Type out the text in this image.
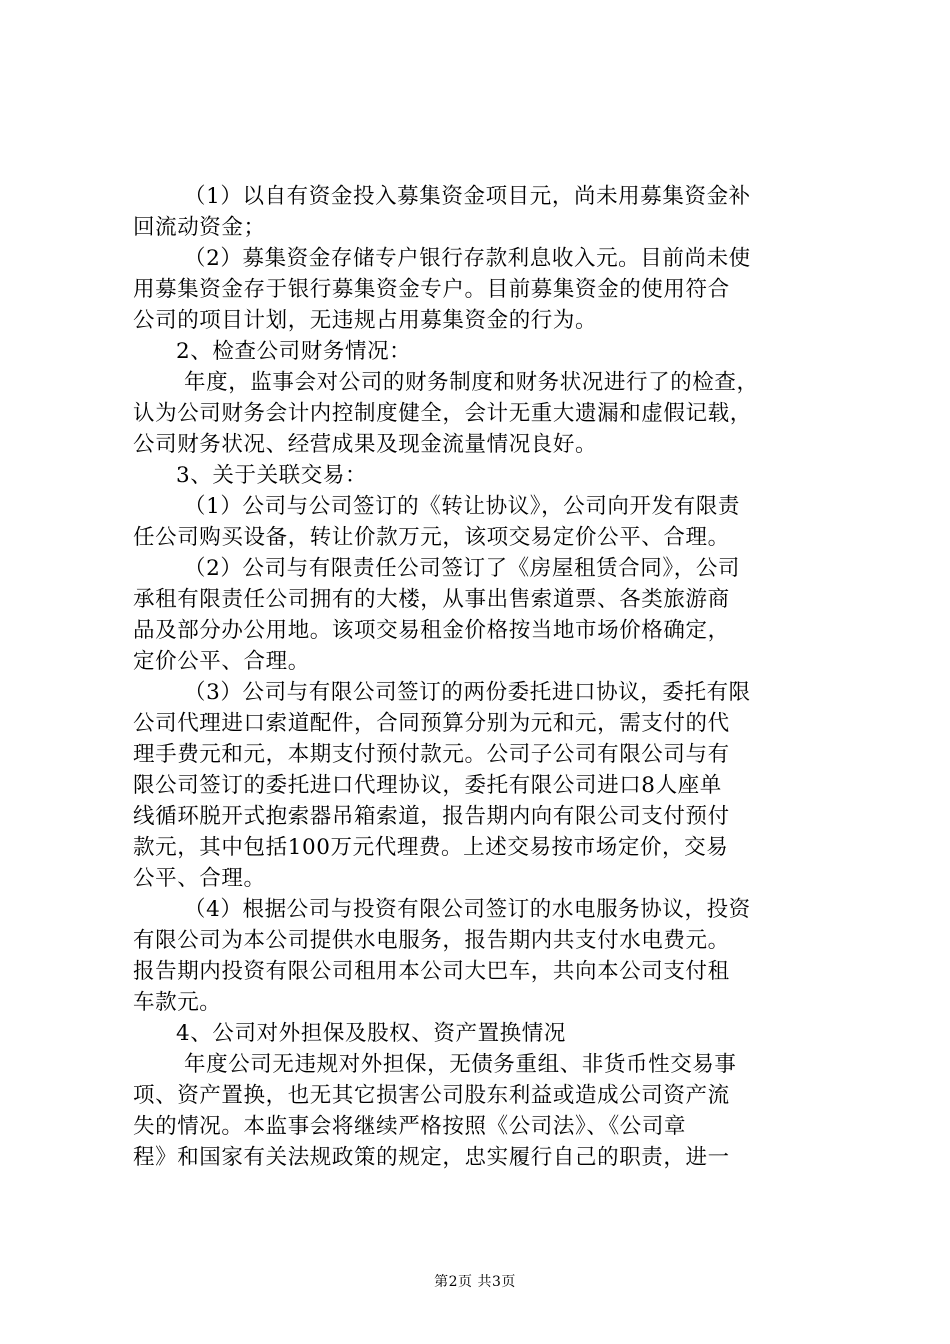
（1）以自有资金投入募集资金项目元，尚未用募集资金补
回流动资金；
（2）募集资金存储专户银行存款利息收入元。目前尚未使
用募集资金存于银行募集资金专户。目前募集资金的使用符合
公司的项目计划，无违规占用募集资金的行为。
2、检查公司财务情况：
年度，监事会对公司的财务制度和财务状况进行了的检查，
认为公司财务会计内控制度健全，会计无重大遗漏和虚假记载，
公司财务状况、经营成果及现金流量情况良好。
3、关于关联交易：
（1）公司与公司签订的《转让协议》，公司向开发有限责
任公司购买设备，转让价款万元，该项交易定价公平、合理。
（2）公司与有限责任公司签订了《房屋租赁合同》，公司
承租有限责任公司拥有的大楼，从事出售索道票、各类旅游商
品及部分办公用地。该项交易租金价格按当地市场价格确定，
定价公平、合理。
（3）公司与有限公司签订的两份委托进口协议，委托有限
公司代理进口索道配件，合同预算分别为元和元，需支付的代
理手费元和元，本期支付预付款元。公司子公司有限公司与有
限公司签订的委托进口代理协议，委托有限公司进口8人座单
线循环脱开式抱索器吊箱索道，报告期内向有限公司支付预付
款元，其中包括100万元代理费。上述交易按市场定价，交易
公平、合理。
（4）根据公司与投资有限公司签订的水电服务协议，投资
有限公司为本公司提供水电服务，报告期内共支付水电费元。
报告期内投资有限公司租用本公司大巴车，共向本公司支付租
车款元。
4、公司对外担保及股权、资产置换情况
年度公司无违规对外担保，无债务重组、非货币性交易事
项、资产置换，也无其它损害公司股东利益或造成公司资产流
失的情况。本监事会将继续严格按照《公司法》、《公司章
程》和国家有关法规政策的规定，忠实履行自己的职责，进一
第2页 共3页
